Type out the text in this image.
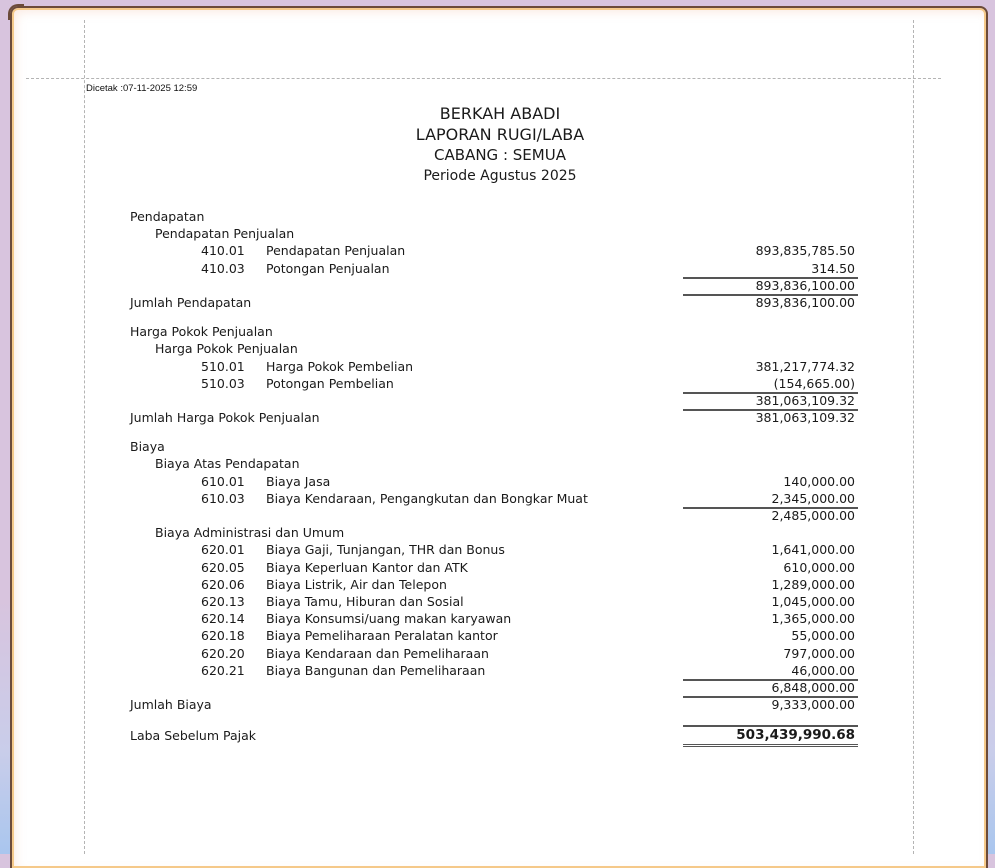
Dicetak :07-11-2025 12:59
BERKAH ABADI
LAPORAN RUGI/LABA
CABANG : SEMUA
Periode Agustus 2025
Pendapatan
Pendapatan Penjualan
410.01 Pendapatan Penjualan	893,835,785.50
410.03 Potongan Penjualan	314.50
893,836,100.00
Jumlah Pendapatan	893,836,100.00
Harga Pokok Penjualan
Harga Pokok Penjualan
510.01 Harga Pokok Pembelian	381,217,774.32
510.03 Potongan Pembelian	(154,665.00)
381,063,109.32
Jumlah Harga Pokok Penjualan	381,063,109.32
Biaya
Biaya Atas Pendapatan
610.01 Biaya Jasa	140,000.00
610.03 Biaya Kendaraan, Pengangkutan dan Bongkar Muat	2,345,000.00
2,485,000.00
Biaya Administrasi dan Umum
620.01 Biaya Gaji, Tunjangan, THR dan Bonus	1,641,000.00
620.05 Biaya Keperluan Kantor dan ATK	610,000.00
620.06 Biaya Listrik, Air dan Telepon	1,289,000.00
620.13 Biaya Tamu, Hiburan dan Sosial	1,045,000.00
620.14 Biaya Konsumsi/uang makan karyawan	1,365,000.00
620.18 Biaya Pemeliharaan Peralatan kantor	55,000.00
620.20 Biaya Kendaraan dan Pemeliharaan	797,000.00
620.21 Biaya Bangunan dan Pemeliharaan	46,000.00
6,848,000.00
Jumlah Biaya	9,333,000.00
Laba Sebelum Pajak	503,439,990.68
